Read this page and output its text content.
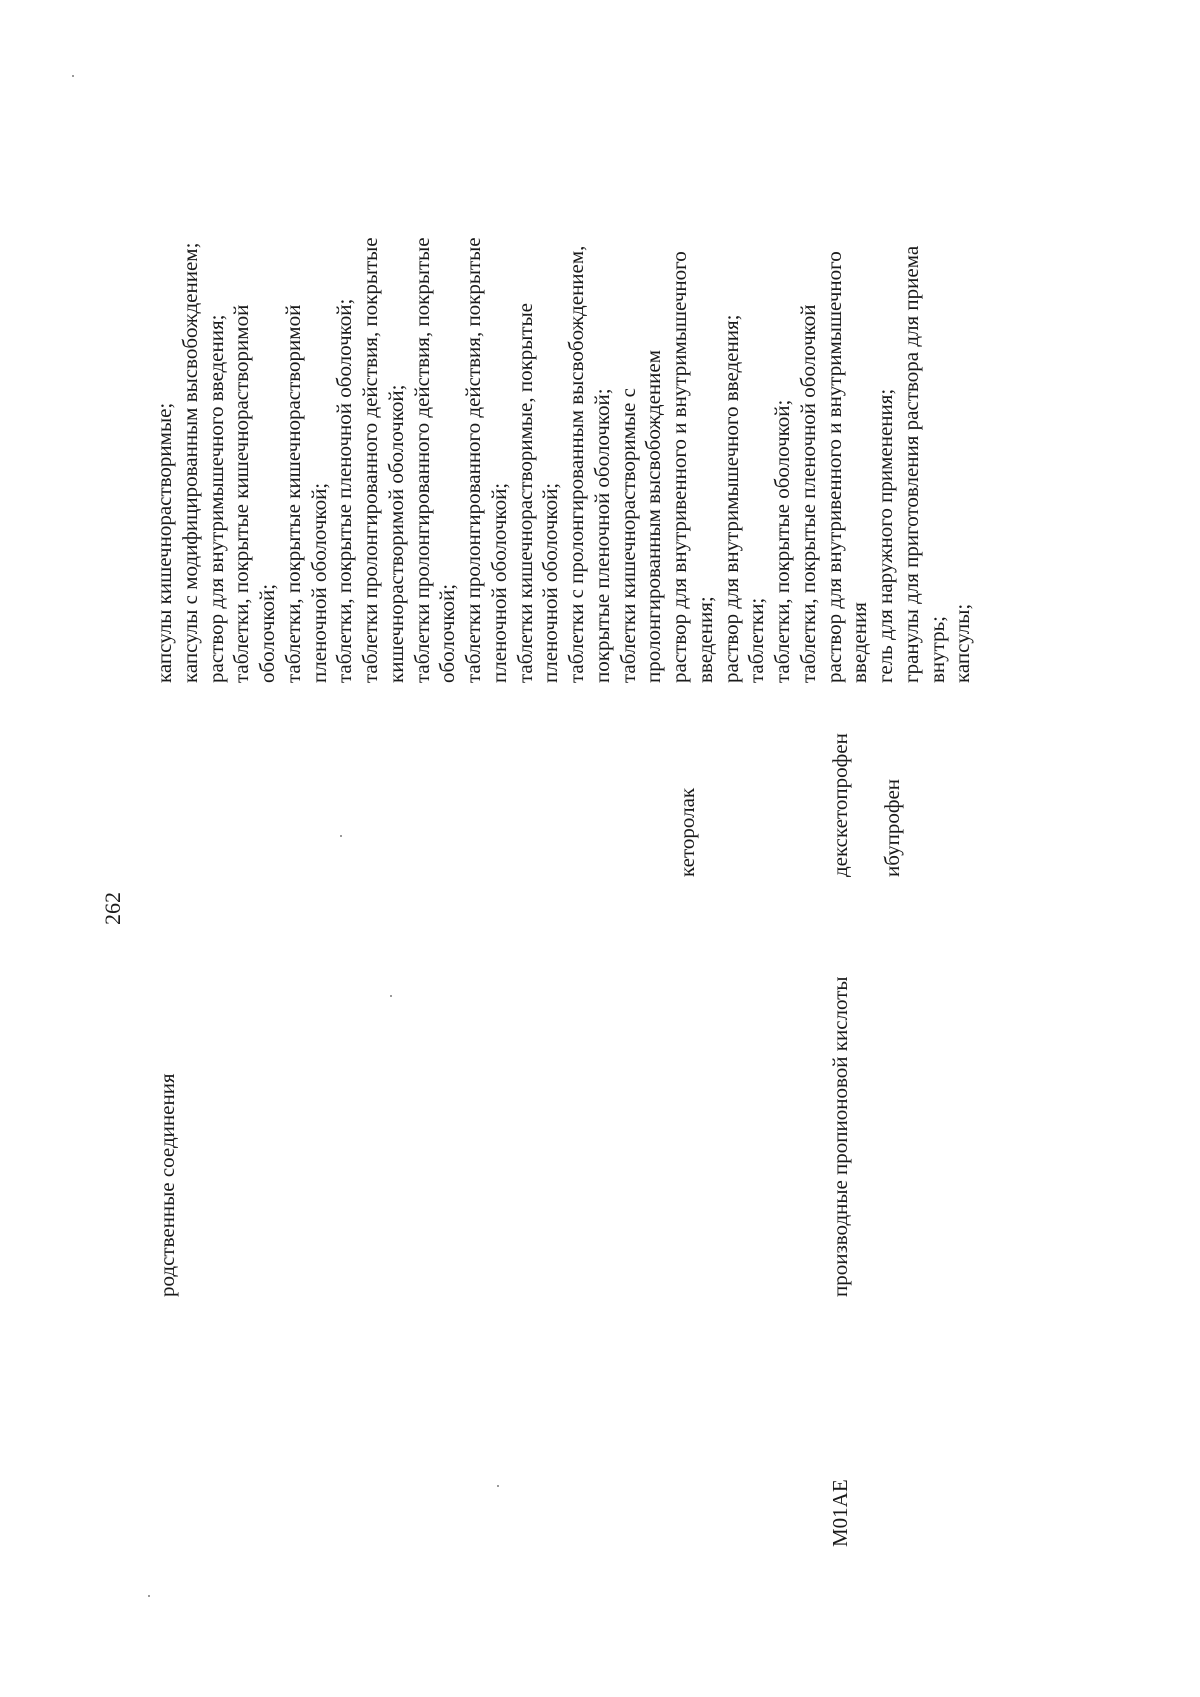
262
родственные соединения
кеторолак
M01AE
производные пропионовой кислоты
декскетопрофен ибупрофен
капсулы кишечнорастворимые; капсулы с модифицированным высвобождением; раствор для внутримышечного введения; таблетки, покрытые кишечнорастворимой оболочкой; таблетки, покрытые кишечнорастворимой пленочной оболочкой; таблетки, покрытые пленочной оболочкой; таблетки пролонгированного действия, покрытые кишечнорастворимой оболочкой; таблетки пролонгированного действия, покрытые оболочкой; таблетки пролонгированного действия, покрытые пленочной оболочкой; таблетки кишечнорастворимые, покрытые пленочной оболочкой; таблетки с пролонгированным высвобождением, покрытые пленочной оболочкой; таблетки кишечнорастворимые с пролонгированным высвобождением раствор для внутривенного и внутримышечного введения; раствор для внутримышечного введения; таблетки; таблетки, покрытые оболочкой; таблетки, покрытые пленочной оболочкой раствор для внутривенного и внутримышечного введения гель для наружного применения; гранулы для приготовления раствора для приема внутрь; капсулы;
